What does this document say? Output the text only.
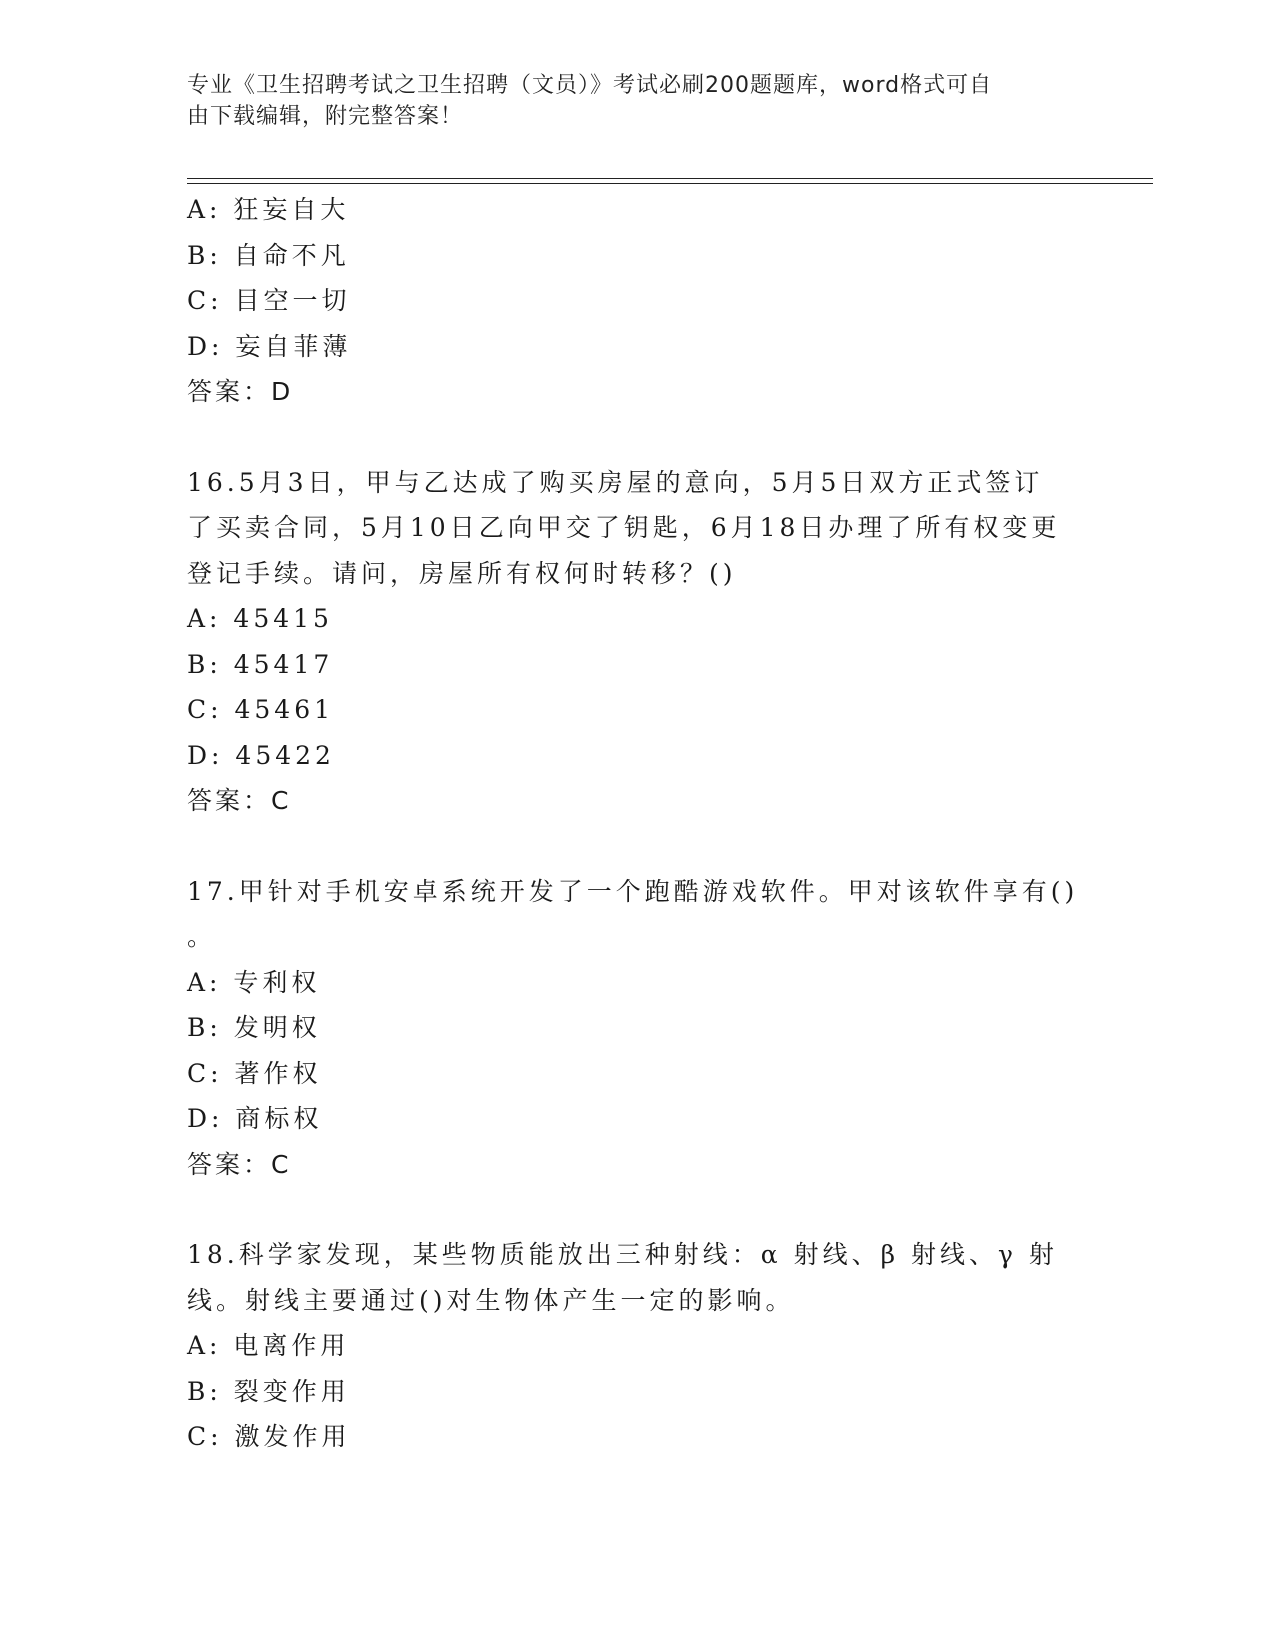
专业《卫生招聘考试之卫生招聘（文员）》考试必刷200题题库，word格式可自
由下载编辑，附完整答案！
A: 狂妄自大
B: 自命不凡
C: 目空一切
D: 妄自菲薄
答案：D
16.5月3日，甲与乙达成了购买房屋的意向，5月5日双方正式签订
了买卖合同，5月10日乙向甲交了钥匙，6月18日办理了所有权变更
登记手续。请问，房屋所有权何时转移？()
A: 45415
B: 45417
C: 45461
D: 45422
答案：C
17.甲针对手机安卓系统开发了一个跑酷游戏软件。甲对该软件享有()
。
A: 专利权
B: 发明权
C: 著作权
D: 商标权
答案：C
18.科学家发现，某些物质能放出三种射线：α 射线、β 射线、γ 射
线。射线主要通过()对生物体产生一定的影响。
A: 电离作用
B: 裂变作用
C: 激发作用
